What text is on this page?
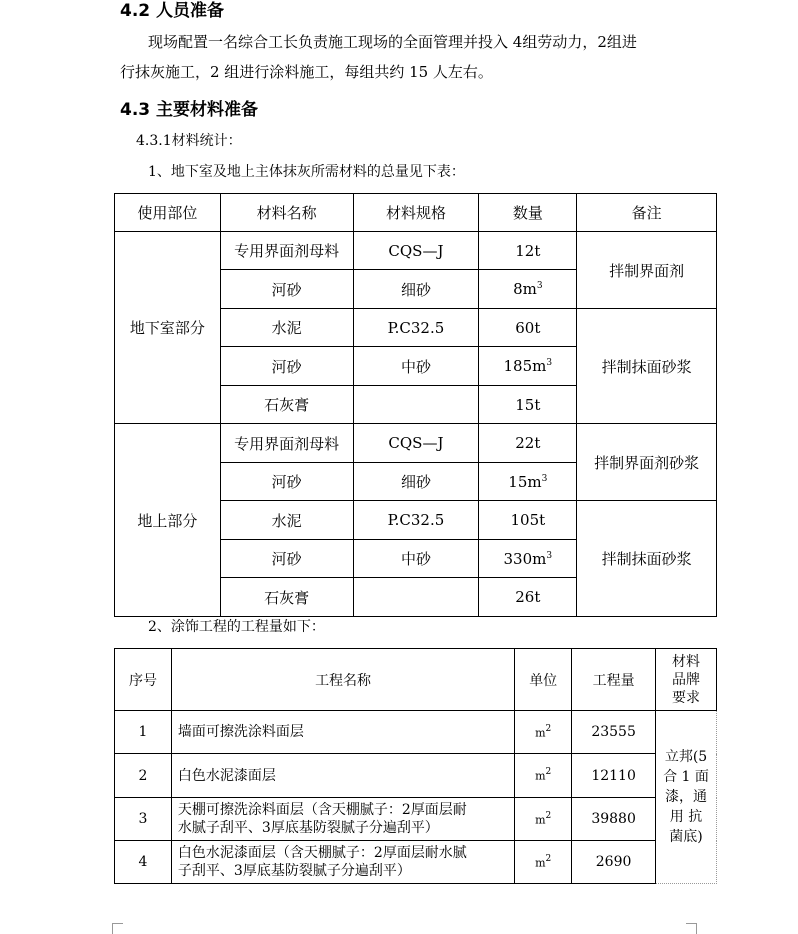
4.2 人员准备
现场配置一名综合工长负责施工现场的全面管理并投入 4组劳动力，2组进
行抹灰施工，2 组进行涂料施工，每组共约 15 人左右。
4.3 主要材料准备
4.3.1材料统计：
1、地下室及地上主体抹灰所需材料的总量见下表：
使用部位	材料名称	材料规格	数量	备注
地下室部分	专用界面剂母料	CQS—J	12t	拌制界面剂
	河砂	细砂	$8m^3$
	水泥	P.C32.5	60t	拌制抹面砂浆
	河砂	中砂	$185m^3$
	石灰膏		15t	
地上部分	专用界面剂母料	CQS—J	22t	拌制界面剂砂浆
	河砂	细砂	$15m^3$
	水泥	P.C32.5	105t	拌制抹面砂浆
	河砂	中砂	$330m^3$
	石灰膏		26t	
2、涂饰工程的工程量如下：
序号	工程名称	单位	工程量	材料
品牌
要求

1	墙面可擦洗涂料面层	$m^2$	23555	立邦(5
合 1 面
漆，通
用 抗
菌底)

2	白色水泥漆面层	$m^2$	12110	
3	天棚可擦洗涂料面层（含天棚腻子：2厚面层耐
水腻子刮平、3厚底基防裂腻子分遍刮平）	$m^2$	39880	
4	白色水泥漆面层（含天棚腻子：2厚面层耐水腻
子刮平、3厚底基防裂腻子分遍刮平）	$m^2$	2690	
